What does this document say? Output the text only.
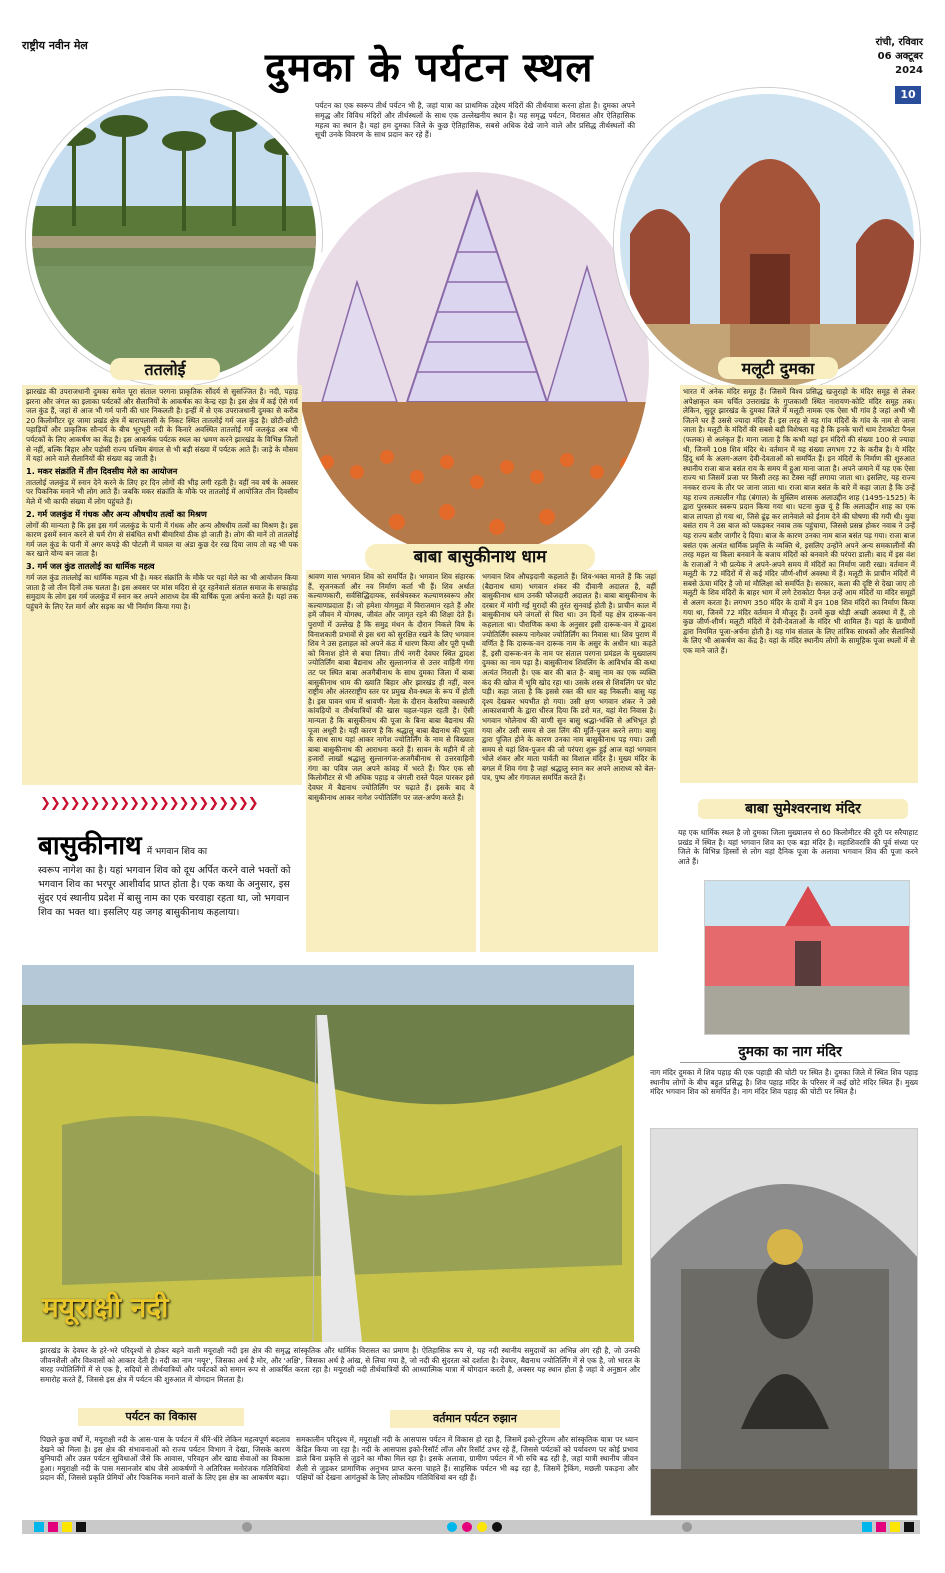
राष्ट्रीय नवीन मेल	दुमका के पर्यटन स्थल
रांची, रविवार
06 अक्टूबर
2024
10
पर्यटन का एक स्वरूप तीर्थ पर्यटन भी है, जहां यात्रा का प्राथमिक उद्देश्य मंदिरों की तीर्थयात्रा करना होता है। दुमका अपने समृद्ध और विविध मंदिरों और तीर्थस्थलों के साथ एक उल्लेखनीय स्थान है। यह समृद्ध पर्यटन, विरासत और ऐतिहासिक महत्व का स्थान है। यहां हम दुमका जिले के कुछ ऐतिहासिक, सबसे अधिक देखे जाने वाले और प्रसिद्ध तीर्थस्थलों की सूची उनके विवरण के साथ प्रदान कर रहे हैं।
ततलोई
बाबा बासुकीनाथ धाम
मलूटी दुमका
झारखंड की उपराजधानी दुमका समेत पूरा संताल परगना प्राकृतिक सौंदर्य से सुसज्जित है। नदी, पहाड़ झरना और जंगल का इलाका पर्यटकों और सैलानियों के आकर्षक का केन्द्र रहा है। इस क्षेत्र में कई ऐसे गर्म जल कुंड हैं, जहां से आज भी गर्म पानी की धार निकलती है। इन्हीं में से एक उपराजधानी दुमका से करीब 20 किलोमीटर दूर जामा प्रखंड क्षेत्र में बारापलासी के निकट स्थित तातलोई गर्म जल कुंड है। छोटी-छोटी पहाड़ियों और प्राकृतिक सौन्दर्य के बीच भूरभूरी नदी के किनारे अवस्थित तातलोई गर्म जलकुंड अब भी पर्यटकों के लिए आकर्षण का केंद्र है। इस आकर्षक पर्यटक स्थल का भ्रमण करने झारखंड के विभिन्न जिलों से नहीं, बल्कि बिहार और पड़ोसी राज्य पश्चिम बंगाल से भी बड़ी संख्या में पर्यटक आते हैं। जाड़े के मौसम में यहां आने वाले सैलानियों की संख्या बढ़ जाती है।
1. मकर संक्रांति में तीन दिवसीय मेले का आयोजन
तातलोई जलकुंड में स्नान देने करने के लिए हर दिन लोगों की भीड़ लगी रहती है। वहीं नव वर्ष के अवसर पर पिकनिक मनाने भी लोग आते हैं। जबकि मकर संक्रांति के मौके पर तातलोई में आयोजित तीन दिवसीय मेले में भी काफी संख्या में लोग पहुंचते हैं।
2. गर्म जलकुंड में गंधक और अन्य औषधीय तत्वों का मिश्रण
लोगों की मान्यता है कि इस इस गर्म जलकुंड के पानी में गंधक और अन्य औषधीय तत्वों का मिश्रण है। इस कारण इसमें स्नान करने से चर्म रोग से संबंधित सभी बीमारियां ठीक हो जाती है। लोग की मानें तो तातलोई गर्म जल कुंड के पानी में अगर कपड़े की पोटली में चावल या अंडा कुछ देर रख दिया जाय तो वह भी पक कर खाने योग्य बन जाता है।
3. गर्म जल कुंड तातलोई का धार्मिक महत्व
गर्म जल कुंड तातलोई का धार्मिक महत्व भी है। मकर संक्रांति के मौके पर यहां मेले का भी आयोजन किया जाता है जो तीन दिनों तक चलता है। इस अवसर पर मांस मदिरा से दूर रहनेवाले संताल समाज के सफाहोड़ समुदाय के लोग इस गर्म जलकुंड में स्नान कर अपने आराध्य देव की वार्षिक पूजा अर्चना करते हैं। यहां तक पहुंचने के लिए रेल मार्ग और सड़क का भी निर्माण किया गया है।
श्रावण मास भगवान शिव को समर्पित है। भगवान शिव संहारक हैं, सृजनकर्ता और नव निर्माण कर्ता भी हैं। शिव अर्थात कल्याणकारी, सर्वसिद्धिदायक, सर्वश्रेयस्कर कल्याणस्वरूप और कल्याणप्रदाता हैं। जो हमेशा योगमुद्रा में विराजमान रहते हैं और हमें जीवन में योगस्थ, जीवंत और जागृत रहने की शिक्षा देते हैं। पुराणों में उल्लेख है कि समुद्र मंथन के दौरान निकले विष के विनाशकारी प्रभावों से इस धरा को सुरक्षित रखने के लिए भगवान शिव ने उस हलाहल को अपने कंठ में धारण किया और पूरी पृथ्वी को विनाश होने से बचा लिया। तीर्थ नगरी देवघर स्थित द्वादश ज्योतिर्लिंग बाबा बैद्यनाथ और सुल्तानगंज से उत्तर वाहिनी गंगा तट पर स्थित बाबा अजगैबीनाथ के साथ दुमका जिला में बाबा बासुकीनाथ धाम की ख्याति बिहार और झारखंड ही नहीं, वरन राष्ट्रीय और अंतरराष्ट्रीय स्तर पर प्रमुख शैव-स्थल के रूप में होती है। इस पावन धाम में श्रावणी- मेला के दौरान केसरिया वस्त्रधारी कांवड़ियों व तीर्थयात्रियों की खास चहल-पहल रहती है। ऐसी मान्यता है कि बासुकीनाथ की पूजा के बिना बाबा बैद्यनाथ की पूजा अधूरी है। यही कारण है कि श्रद्धालु बाबा बैद्यनाथ की पूजा के साथ साथ यहां आकर नागेश ज्योतिर्लिंग के नाम से विख्यात बाबा बासुकीनाथ की आराधना करते हैं। सावन के महीने में तो हजारों लाखों श्रद्धालु सुल्तानगंज-अजगैबीनाथ से उत्तरवाहिनी गंगा का पवित्र जल अपने कांवड़ में भरते हैं। फिर एक सौ किलोमीटर से भी अधिक पहाड़ व जंगली रास्ते पैदल पारकर इसे देवघर में बैद्यनाथ ज्योतिर्लिंग पर चढ़ाते हैं। इसके बाद वे बासुकीनाथ आकर नागेश ज्योतिर्लिंग पर जल-अर्पण करते हैं।
भगवान शिव औघड़दानी कहलाते हैं। शिव-भक्त मानते हैं कि जहां (बैद्यनाथ धाम) भगवान शंकर की दीवानी अदालत है, वहीं बासुकीनाथ धाम उनकी फौजदारी अदालत है। बाबा बासुकीनाथ के दरबार में मांगी गई मुरादों की तुरंत सुनवाई होती है। प्राचीन काल में बासुकीनाथ घने जंगलों से घिरा था। उन दिनों यह क्षेत्र दारूक-वन कहलाता था। पौराणिक कथा के अनुसार इसी दारूक-वन में द्वादश ज्योतिर्लिंग स्वरूप नागेश्वर ज्योतिर्लिंग का निवास था। शिव पुराण में वर्णित है कि दारूक-वन दारूक नाम के असुर के अधीन था। कहते हैं, इसी दारूक-वन के नाम पर संताल परगना प्रमंडल के मुख्यालय दुमका का नाम पड़ा है। बासुकीनाथ शिवलिंग के आविर्भाव की कथा अत्यंत निराली है। एक बार की बात है- बासु नाम का एक व्यक्ति कंद की खोज में भूमि खोद रहा था। उसके शस्त्र से शिवलिंग पर चोट पड़ी। कहा जाता है कि इससे रक्त की धार बह निकली। बासु यह दृश्य देखकर भयभीत हो गया। उसी क्षण भगवान शंकर ने उसे आकाशवाणी के द्वारा धीरज दिया कि डरो मत, यहां मेरा निवास है। भगवान भोलेनाथ की वाणी सुन बासु श्रद्धा-भक्ति से अभिभूत हो गया और उसी समय से उस लिंग की मूर्ति-पूजन करने लगा। बासु द्वारा पूजित होने के कारण उनका नाम बासुकीनाथ पड़ गया। उसी समय से यहां शिव-पूजन की जो परंपरा शुरू हुई आज यहां भगवान भोले शंकर और माता पार्वती का विशाल मंदिर है। मुख्य मंदिर के बगल में शिव गंगा है जहां श्रद्धालु स्नान कर अपने आराध्य को बेल-पत्र, पुष्प और गंगाजल समर्पित करते हैं।
भारत में अनेक मंदिर समूह हैं। जिसमें विश्व प्रसिद्ध खजुराहो के मंदिर समूह से लेकर अपेक्षाकृत कम चर्चित उत्तराखंड के गुप्तकाशी स्थित नारायण-कोटि मंदिर समूह तक। लेकिन, सुदूर झारखंड के दुमका जिले में मलूटी नामक एक ऐसा भी गांव है जहां अभी भी जितने घर हैं उससे ज्यादा मंदिर हैं। इस तरह से यह गांव मंदिरों के गांव के नाम से जाना जाता है। मलूटी के मंदिरों की सबसे बड़ी विशेषता यह है कि इनके चारों धाम टेराकोटा पैनल (फलक) से अलंकृत हैं। माना जाता है कि कभी यहां इन मंदिरों की संख्या 100 से ज्यादा थी, जिनमें 108 शिव मंदिर थे। वर्तमान में यह संख्या लगभग 72 के करीब है। ये मंदिर हिंदू धर्म के अलग-अलग देवी-देवताओं को समर्पित हैं। इन मंदिरों के निर्माण की शुरुआत स्थानीय राजा बाज बसंत राय के समय में हुआ माना जाता है। अपने जमाने में यह एक ऐसा राज्य था जिसमें प्रजा पर किसी तरह का टैक्स नहीं लगाया जाता था। इसलिए, यह राज्य ननकर राज्य के तौर पर जाना जाता था। राजा बाज बसंत के बारे में कहा जाता है कि उन्हें यह राज्य तत्कालीन गौड़ (बंगाल) के मुस्लिम शासक अलाउद्दीन शाह (1495-1525) के द्वारा पुरस्कार स्वरूप प्रदान किया गया था। घटना कुछ यूं है कि अलाउद्दीन शाह का एक बाज लापता हो गया था, जिसे ढूंढ़ कर लानेवाले को ईनाम देने की घोषणा की गयी थी। युवा बसंत राय ने उस बाज को पकड़कर नवाब तक पहुंचाया, जिससे प्रसन्न होकर नवाब ने उन्हें यह राज्य बतौर जागीर दे दिया। बाज के कारण उनका नाम बाज बसंत पड़ गया। राजा बाज बसंत एक अत्यंत धार्मिक प्रवृत्ति के व्यक्ति थे, इसलिए उन्होंने अपने अन्य समकालीनों की तरह महल या किला बनवाने के बजाय मंदिरों को बनवाने की परंपरा डाली। बाद में इस वंश के राजाओं ने भी प्रत्येक ने अपने-अपने समय में मंदिरों का निर्माण जारी रखा। वर्तमान में मलूटी के 72 मंदिरों में से कई मंदिर जीर्ण-शीर्ण अवस्था में हैं। मलूटी के प्राचीन मंदिरों में सबसे ऊंचा मंदिर है जो मां मौलिक्षा को समर्पित है। सरकार, कला की दृष्टि से देखा जाए तो मलूटी के शिव मंदिरों के बाहर भाग में लगे टेराकोटा पैनल उन्हें आम मंदिरों या मंदिर समूहों से अलग करता है। लगभग 350 मंदिर के दावों में इन 108 शिव मंदिरों का निर्माण किया गया था, जिनमें 72 मंदिर वर्तमान में मौजूद हैं। उनमें कुछ थोड़ी अच्छी अवस्था में हैं, तो कुछ जीर्ण-शीर्ण। मलूटी मंदिरों में देवी-देवताओं के मंदिर भी शामिल हैं। यहां के ग्रामीणों द्वारा नियमित पूजा-अर्चना होती है। यह गांव संताल के लिए तांत्रिक साधकों और सैलानियों के लिए भी आकर्षण का केंद्र है। यहां के मंदिर स्थानीय लोगों के सामूहिक पूजा स्थलों में से एक माने जाते हैं।
❯❯❯❯❯❯❯❯❯❯❯❯❯❯❯❯❯❯❯❯❯❯
बासुकीनाथ में भगवान शिव का
स्वरूप नागेश का है। यहां भगवान शिव को दूध अर्पित करने वाले भक्तों को भगवान शिव का भरपूर आशीर्वाद प्राप्त होता है। एक कथा के अनुसार, इस सुंदर एवं स्थानीय प्रदेश में बासु नाम का एक चरवाहा रहता था, जो भगवान शिव का भक्त था। इसलिए यह जगह बासुकीनाथ कहलाया।
बाबा सुमेश्वरनाथ मंदिर
यह एक धार्मिक स्थल है जो दुमका जिला मुख्यालय से 60 किलोमीटर की दूरी पर सरैयाहाट प्रखंड में स्थित है। यहां भगवान शिव का एक बड़ा मंदिर है। महाशिवरात्रि की पूर्व संध्या पर जिले के विभिन्न हिस्सों से लोग यहां दैनिक पूजा के अलावा भगवान शिव की पूजा करने आते हैं।
दुमका का नाग मंदिर
नाग मंदिर दुमका में शिव पहाड़ की एक पहाड़ी की चोटी पर स्थित है। दुमका जिले में स्थित शिव पहाड़ स्थानीय लोगों के बीच बहुत प्रसिद्ध है। शिव पहाड़ मंदिर के परिसर में कई छोटे मंदिर स्थित हैं। मुख्य मंदिर भगवान शिव को समर्पित है। नाग मंदिर शिव पहाड़ की चोटी पर स्थित है।
मयूराक्षी नदी
झारखंड के देवघर के हरे-भरे परिदृश्यों से होकर बहने वाली मयूराक्षी नदी इस क्षेत्र की समृद्ध सांस्कृतिक और धार्मिक विरासत का प्रमाण है। ऐतिहासिक रूप से, यह नदी स्थानीय समुदायों का अभिन्न अंग रही है, जो उनकी जीवनशैली और विश्वासों को आकार देती है। नदी का नाम 'मयूर', जिसका अर्थ है मोर, और 'अक्षि', जिसका अर्थ है आंख, से लिया गया है, जो नदी की सुंदरता को दर्शाता है। देवघर, बैद्यनाथ ज्योतिर्लिंग में से एक है, जो भारत के बारह ज्योतिर्लिंगों में से एक है, सदियों से तीर्थयात्रियों और पर्यटकों को समान रूप से आकर्षित करता रहा है। मयूराक्षी नदी तीर्थयात्रियों की आध्यात्मिक यात्रा में योगदान करती है, अक्सर यह स्थान होता है जहां वे अनुष्ठान और समारोह करते हैं, जिससे इस क्षेत्र में पर्यटन की शुरुआत में योगदान मिलता है।
पर्यटन का विकास	वर्तमान पर्यटन रुझान
पिछले कुछ वर्षों में, मयूराक्षी नदी के आस-पास के पर्यटन में धीरे-धीरे लेकिन महत्वपूर्ण बदलाव देखने को मिला है। इस क्षेत्र की संभावनाओं को राज्य पर्यटन विभाग ने देखा, जिसके कारण बुनियादी और उन्नत पर्यटन सुविधाओं जैसे कि आवास, परिवहन और खाद्य सेवाओं का विकास हुआ। मयूराक्षी नदी के पास मसानजोर बांध जैसे आकर्षणों ने अतिरिक्त मनोरंजक गतिविधियां प्रदान कीं, जिससे प्रकृति प्रेमियों और पिकनिक मनाने वालों के लिए इस क्षेत्र का आकर्षण बढ़ा।
समकालीन परिदृश्य में, मयूराक्षी नदी के आसपास पर्यटन में विकास हो रहा है, जिसमें इको-टूरिज्म और सांस्कृतिक यात्रा पर ध्यान केंद्रित किया जा रहा है। नदी के आसपास इको-रिसॉर्ट लॉज और रिसॉर्ट उभर रहे हैं, जिससे पर्यटकों को पर्यावरण पर कोई प्रभाव डाले बिना प्रकृति से जुड़ने का मौका मिल रहा है। इसके अलावा, ग्रामीण पर्यटन में भी रुचि बढ़ रही है, जहां यात्री स्थानीय जीवन शैली से जुड़कर प्रामाणिक अनुभव प्राप्त करना चाहते हैं। साहसिक पर्यटन भी बढ़ रहा है, जिसमें ट्रैकिंग, मछली पकड़ना और पक्षियों को देखना आगंतुकों के लिए लोकप्रिय गतिविधियां बन रही हैं।
